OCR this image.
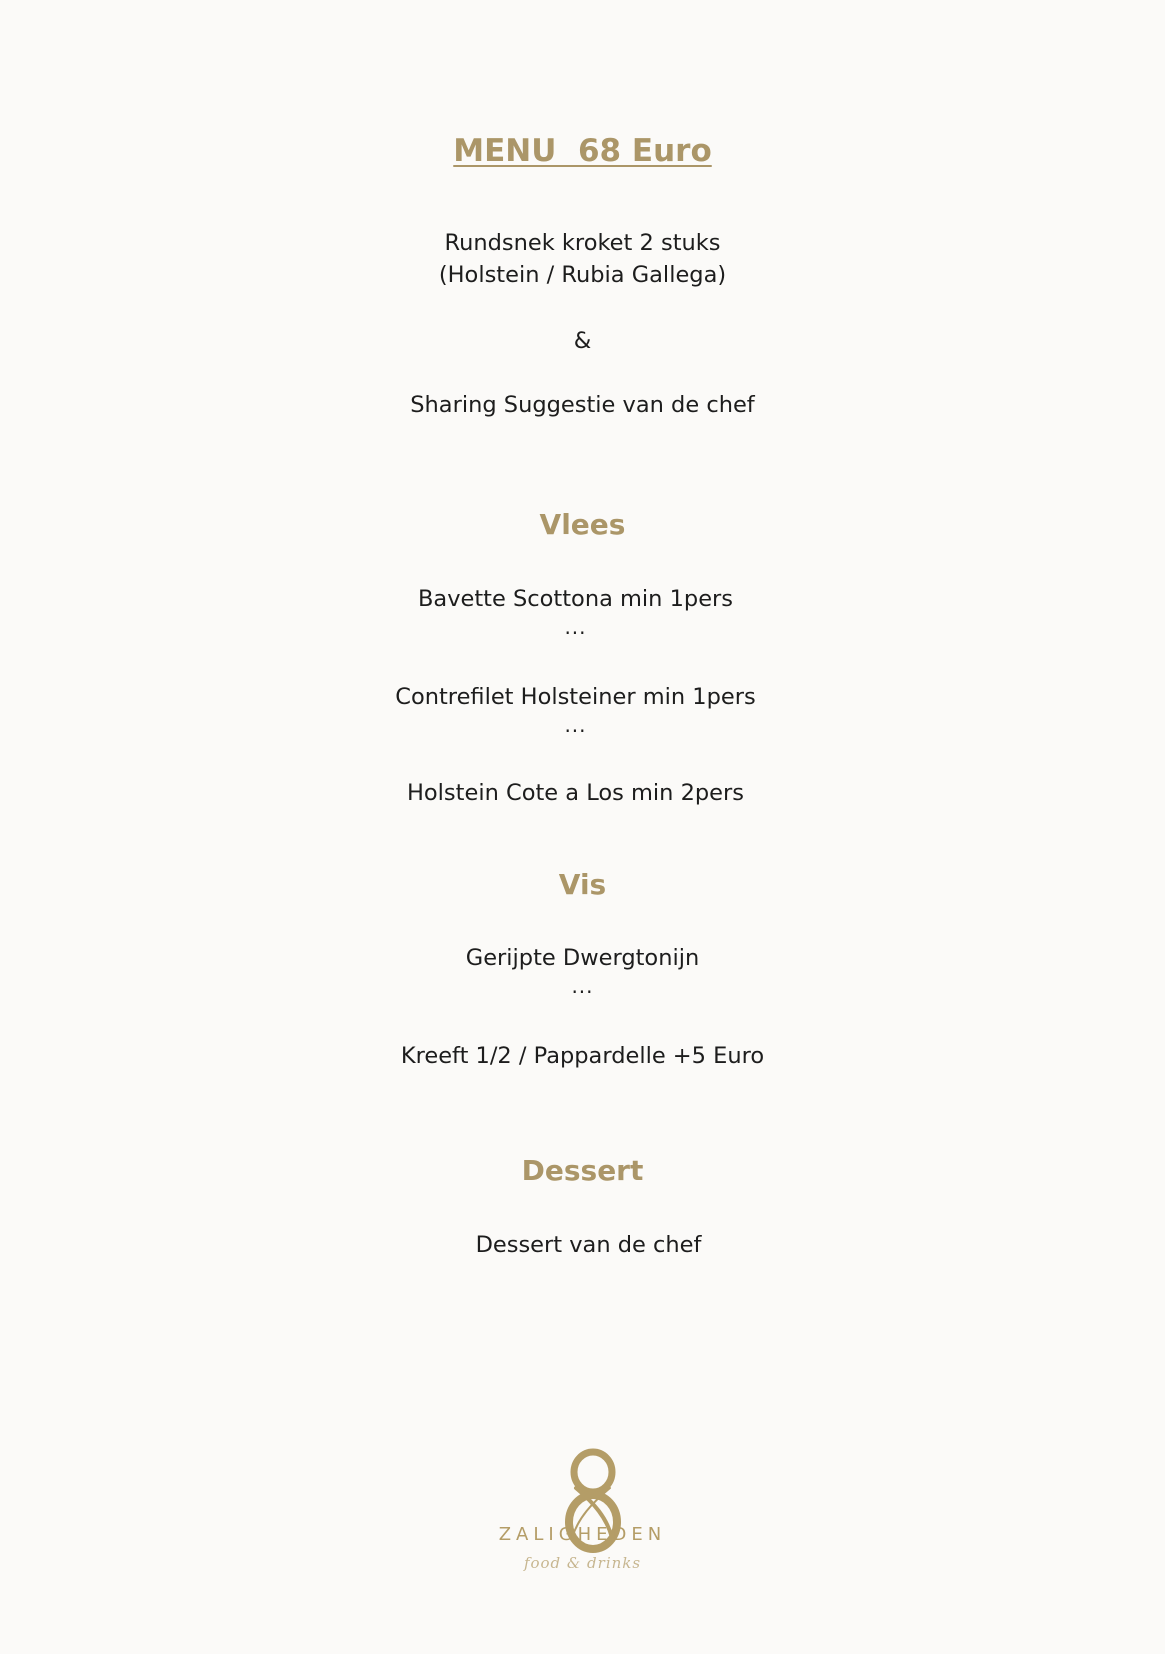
MENU  68 Euro
Rundsnek kroket 2 stuks
(Holstein / Rubia Gallega)
&
Sharing Suggestie van de chef
Vlees
Bavette Scottona min 1pers
...
Contrefilet Holsteiner min 1pers
...
Holstein Cote a Los min 2pers
Vis
Gerijpte Dwergtonijn
...
Kreeft 1/2 / Pappardelle +5 Euro
Dessert
Dessert van de chef
ZALIGHEDEN
food & drinks
